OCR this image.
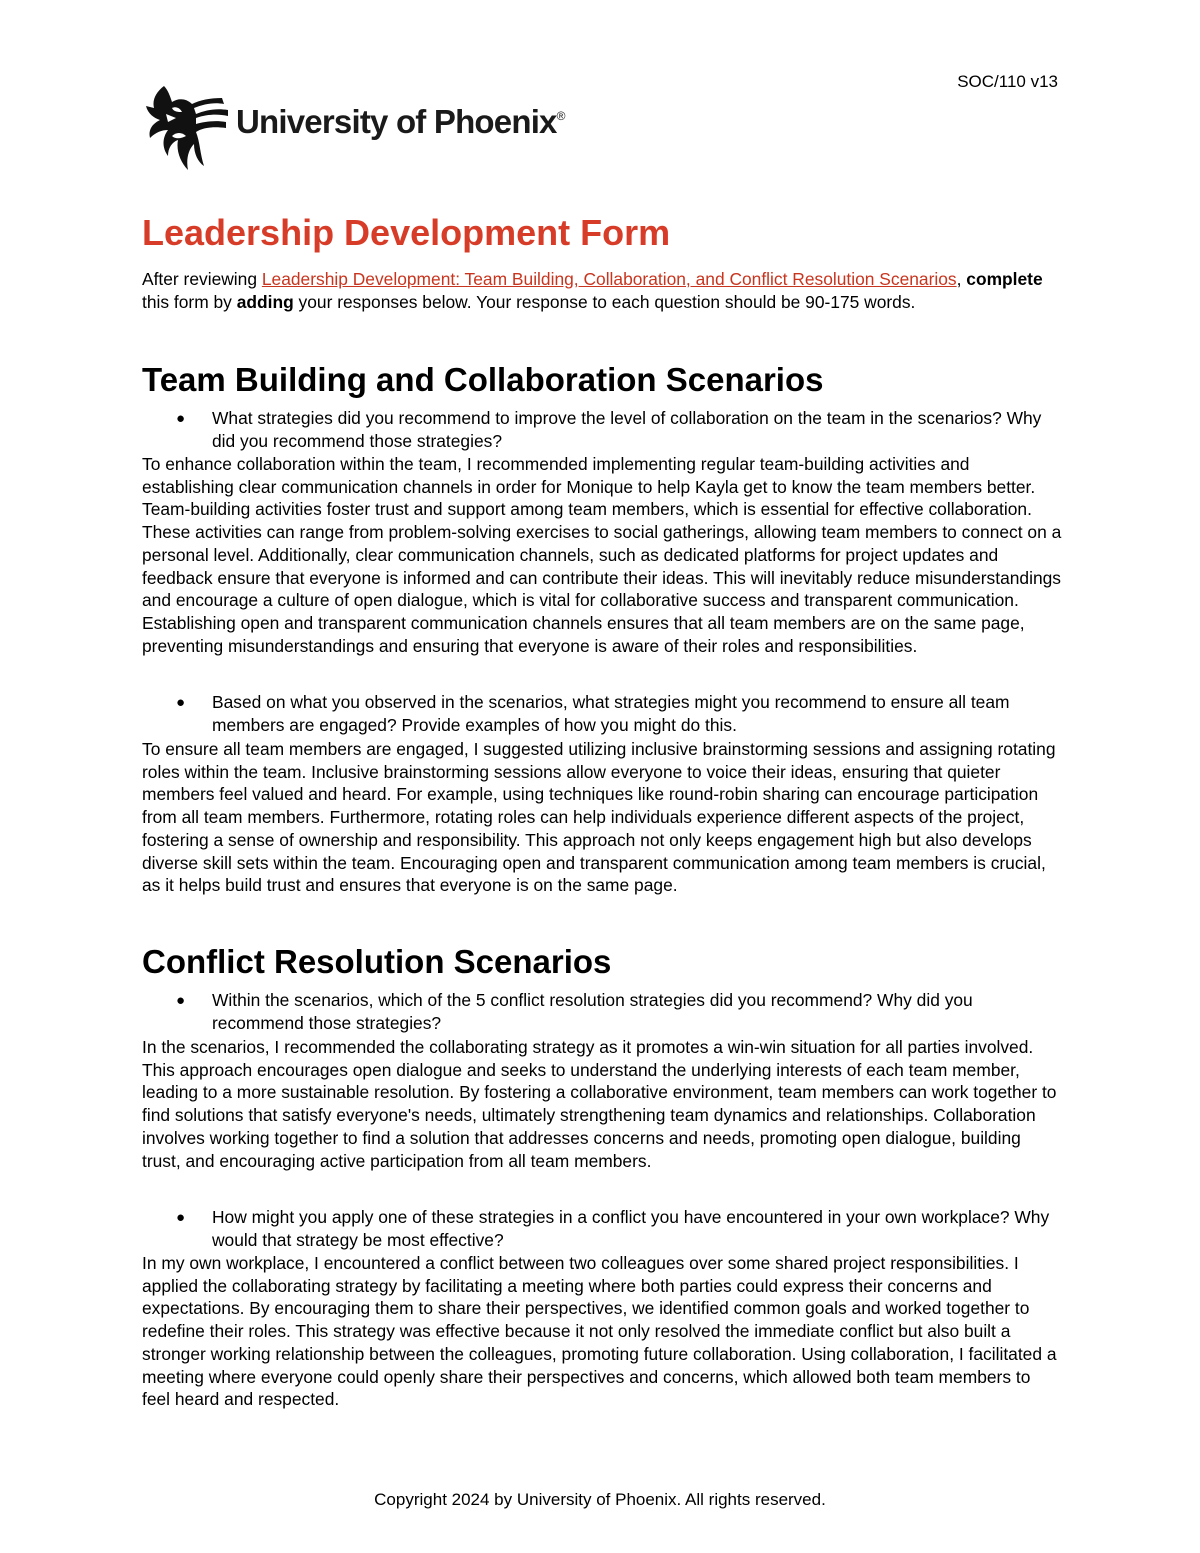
SOC/110 v13
University of Phoenix®
Leadership Development Form
After reviewing Leadership Development: Team Building, Collaboration, and Conflict Resolution Scenarios, complete this form by adding your responses below. Your response to each question should be 90-175 words.
Team Building and Collaboration Scenarios
● What strategies did you recommend to improve the level of collaboration on the team in the scenarios? Why did you recommend those strategies?
To enhance collaboration within the team, I recommended implementing regular team-building activities and establishing clear communication channels in order for Monique to help Kayla get to know the team members better. Team-building activities foster trust and support among team members, which is essential for effective collaboration. These activities can range from problem-solving exercises to social gatherings, allowing team members to connect on a personal level. Additionally, clear communication channels, such as dedicated platforms for project updates and feedback ensure that everyone is informed and can contribute their ideas. This will inevitably reduce misunderstandings and encourage a culture of open dialogue, which is vital for collaborative success and transparent communication. Establishing open and transparent communication channels ensures that all team members are on the same page, preventing misunderstandings and ensuring that everyone is aware of their roles and responsibilities.
● Based on what you observed in the scenarios, what strategies might you recommend to ensure all team members are engaged? Provide examples of how you might do this.
To ensure all team members are engaged, I suggested utilizing inclusive brainstorming sessions and assigning rotating roles within the team. Inclusive brainstorming sessions allow everyone to voice their ideas, ensuring that quieter members feel valued and heard. For example, using techniques like round-robin sharing can encourage participation from all team members. Furthermore, rotating roles can help individuals experience different aspects of the project, fostering a sense of ownership and responsibility. This approach not only keeps engagement high but also develops diverse skill sets within the team. Encouraging open and transparent communication among team members is crucial, as it helps build trust and ensures that everyone is on the same page.
Conflict Resolution Scenarios
● Within the scenarios, which of the 5 conflict resolution strategies did you recommend? Why did you recommend those strategies?
In the scenarios, I recommended the collaborating strategy as it promotes a win-win situation for all parties involved. This approach encourages open dialogue and seeks to understand the underlying interests of each team member, leading to a more sustainable resolution. By fostering a collaborative environment, team members can work together to find solutions that satisfy everyone's needs, ultimately strengthening team dynamics and relationships. Collaboration involves working together to find a solution that addresses concerns and needs, promoting open dialogue, building trust, and encouraging active participation from all team members.
● How might you apply one of these strategies in a conflict you have encountered in your own workplace? Why would that strategy be most effective?
In my own workplace, I encountered a conflict between two colleagues over some shared project responsibilities. I applied the collaborating strategy by facilitating a meeting where both parties could express their concerns and expectations. By encouraging them to share their perspectives, we identified common goals and worked together to redefine their roles. This strategy was effective because it not only resolved the immediate conflict but also built a stronger working relationship between the colleagues, promoting future collaboration. Using collaboration, I facilitated a meeting where everyone could openly share their perspectives and concerns, which allowed both team members to feel heard and respected.
Copyright 2024 by University of Phoenix. All rights reserved.
